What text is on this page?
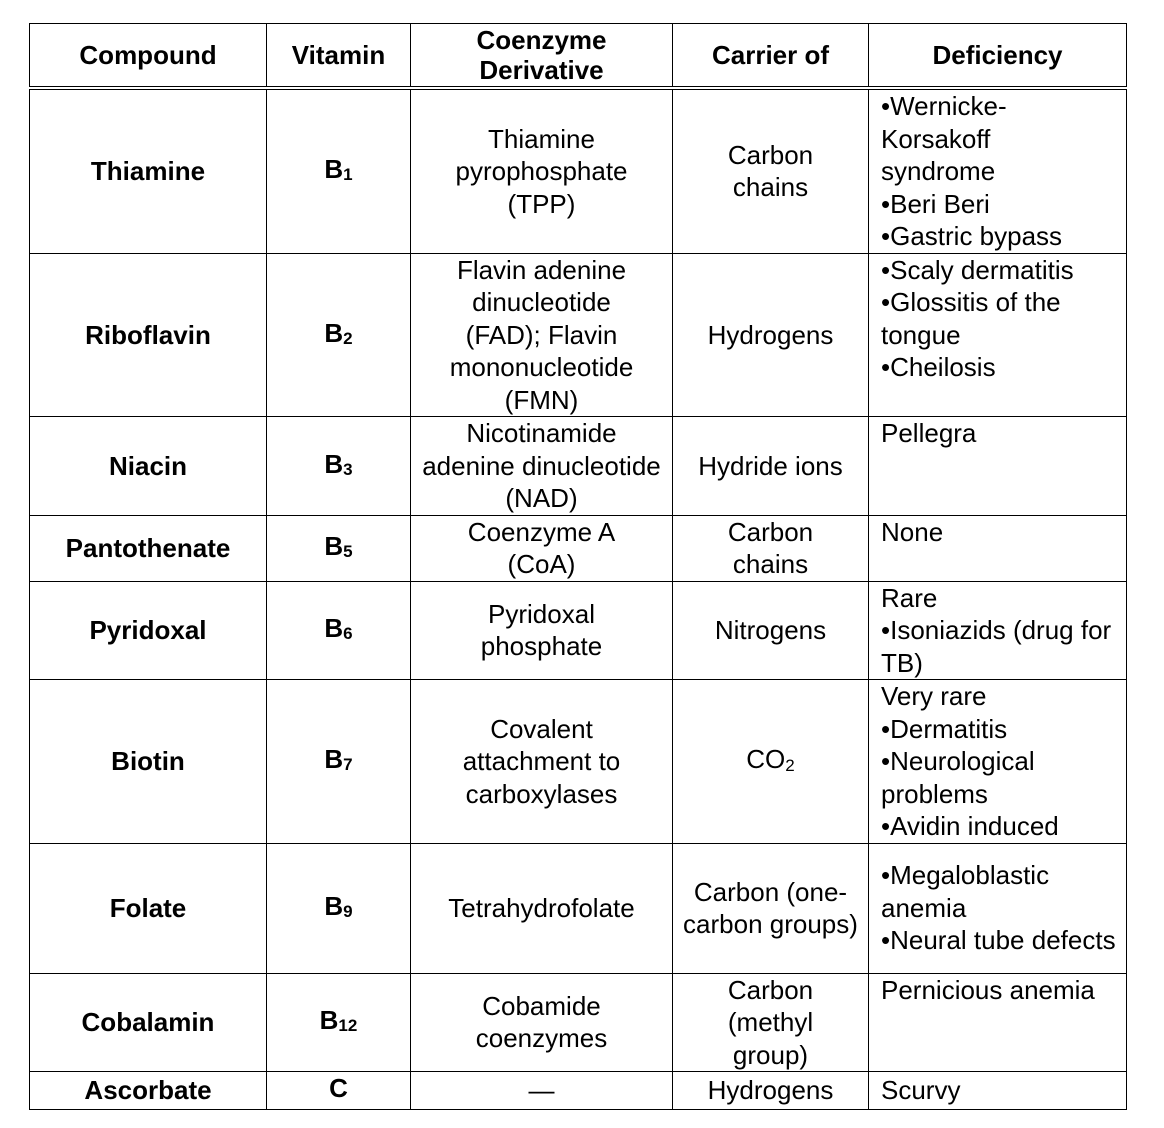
Compound	Vitamin	Coenzyme Derivative	Carrier of	Deficiency
Thiamine	$B_1$	Thiamine pyrophosphate (TPP)	Carbon chains	•Wernicke-Korsakoff syndrome
•Beri Beri
•Gastric bypass

Riboflavin	$B_2$	Flavin adenine dinucleotide (FAD); Flavin mononucleotide (FMN)	Hydrogens	•Scaly dermatitis
•Glossitis of the tongue
•Cheilosis

Niacin	$B_3$	Nicotinamide adenine dinucleotide (NAD)	Hydride ions	Pellegra

Pantothenate	$B_5$	Coenzyme A (CoA)	Carbon chains	None

Pyridoxal	$B_6$	Pyridoxal phosphate	Nitrogens	Rare
•Isoniazids (drug for TB)

Biotin	$B_7$	Covalent attachment to carboxylases	CO2	Very rare
•Dermatitis
•Neurological problems
•Avidin induced

Folate	$B_9$	Tetrahydrofolate	Carbon (one-carbon groups)	•Megaloblastic anemia
•Neural tube defects

Cobalamin	$B_{12}$	Cobamide coenzymes	Carbon (methyl group)	Pernicious anemia

Ascorbate	C	—	Hydrogens	Scurvy
